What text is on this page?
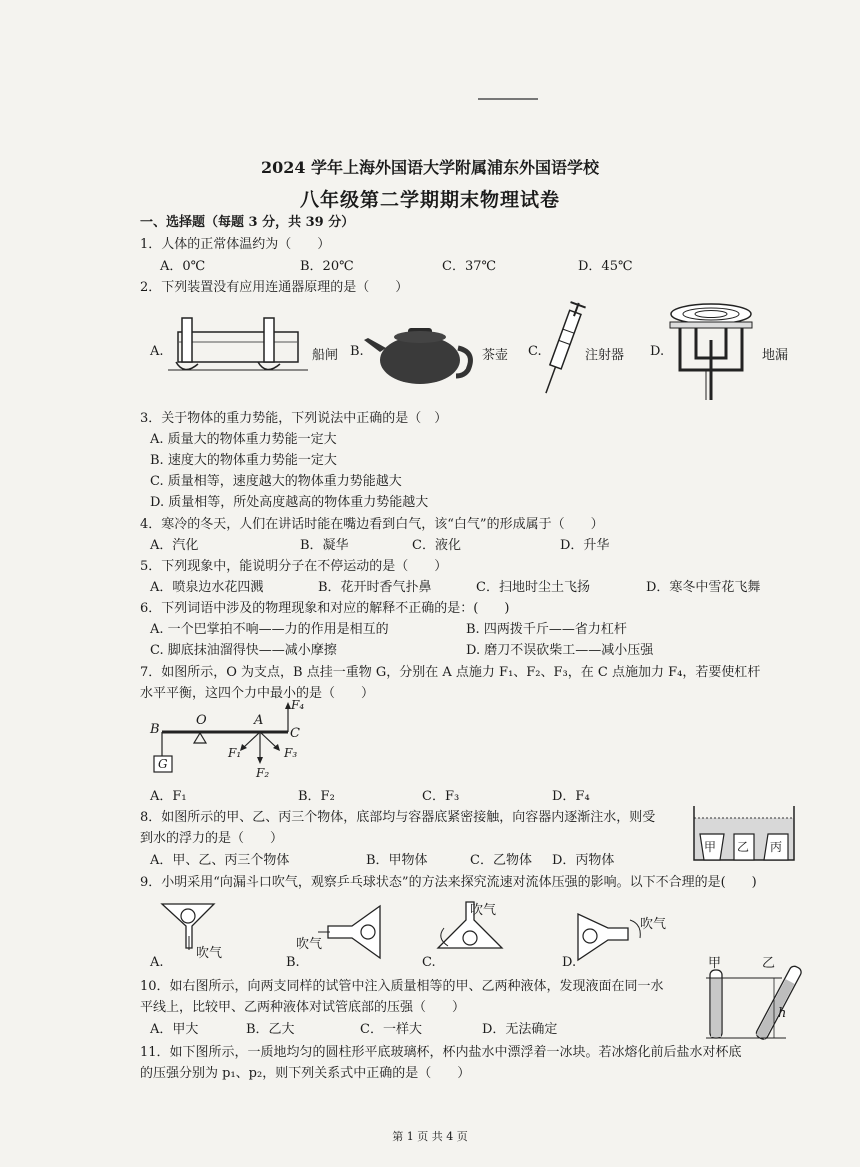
2024 学年上海外国语大学附属浦东外国语学校
八年级第二学期期末物理试卷
一、选择题（每题 3 分，共 39 分）
1．人体的正常体温约为（　　）
A．0℃	B．20℃	C．37℃	D．45℃
2．下列装置没有应用连通器原理的是（　　）
A.	船闸 B.	茶壶 C.	注射器 D.	地漏
3．关于物体的重力势能，下列说法中正确的是（　）
A. 质量大的物体重力势能一定大
B. 速度大的物体重力势能一定大
C. 质量相等，速度越大的物体重力势能越大
D. 质量相等，所处高度越高的物体重力势能越大
4．寒冷的冬天，人们在讲话时能在嘴边看到白气，该“白气”的形成属于（　　）
A．汽化	B．凝华	C．液化	D．升华
5．下列现象中，能说明分子在不停运动的是（　　）
A．喷泉边水花四溅	B．花开时香气扑鼻	C．扫地时尘土飞扬	D．寒冬中雪花飞舞
6．下列词语中涉及的物理现象和对应的解释不正确的是：(　　)
A. 一个巴掌拍不响——力的作用是相互的	B. 四两拨千斤——省力杠杆
C. 脚底抹油溜得快——减小摩擦	D. 磨刀不误砍柴工——减小压强
7．如图所示，O 为支点，B 点挂一重物 G，分别在 A 点施力 F₁、F₂、F₃，在 C 点施加力 F₄，若要使杠杆
水平平衡，这四个力中最小的是（　　）
B
O	A
C
G
F₄
F₁
F₂
F₃
A．F₁	B．F₂	C．F₃	D．F₄
8．如图所示的甲、乙、丙三个物体，底部均与容器底紧密接触，向容器内逐渐注水，则受
到水的浮力的是（　　）
A．甲、乙、丙三个物体	B．甲物体	C．乙物体 D．丙物体
甲 乙 丙
9．小明采用“向漏斗口吹气，观察乒乓球状态”的方法来探究流速对流体压强的影响。以下不合理的是(　　)
A.
吹气
B.
吹气
C.
吹气
D.
吹气
10．如右图所示，向两支同样的试管中注入质量相等的甲、乙两种液体，发现液面在同一水
平线上，比较甲、乙两种液体对试管底部的压强（　　）
A．甲大	B．乙大	C．一样大	D．无法确定
甲	乙
h
11．如下图所示，一质地均匀的圆柱形平底玻璃杯，杯内盐水中漂浮着一冰块。若冰熔化前后盐水对杯底
的压强分别为 p₁、p₂，则下列关系式中正确的是（　　）
第 1 页 共 4 页
